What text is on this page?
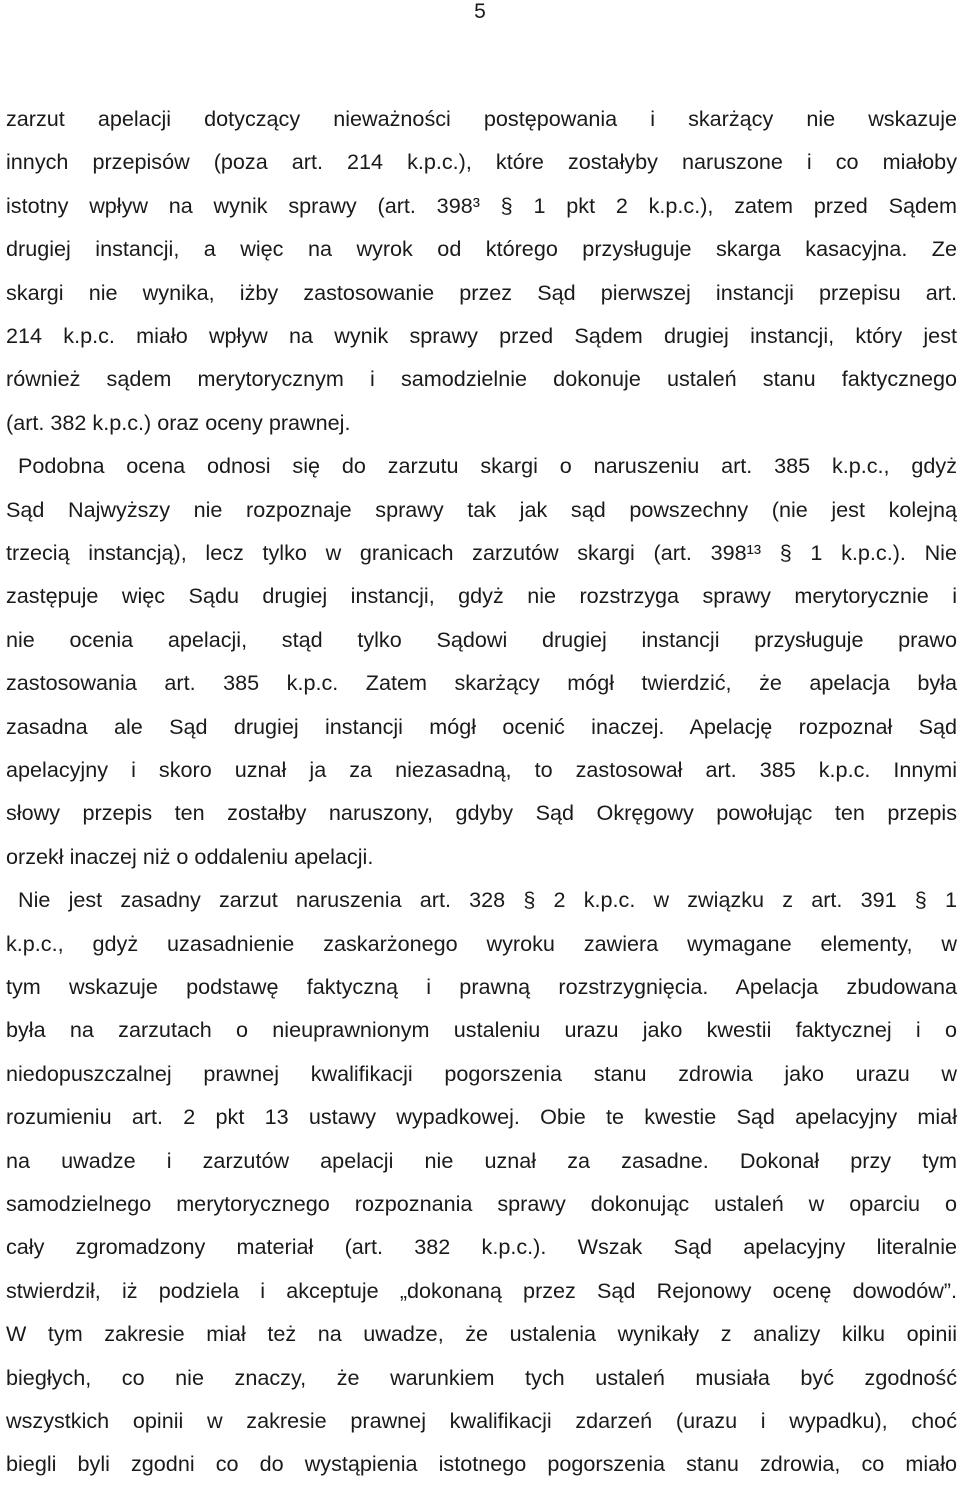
5
zarzut apelacji dotyczący nieważności postępowania i skarżący nie wskazuje
innych przepisów (poza art. 214 k.p.c.), które zostałyby naruszone i co miałoby
istotny wpływ na wynik sprawy (art. 398³ § 1 pkt 2 k.p.c.), zatem przed Sądem
drugiej instancji, a więc na wyrok od którego przysługuje skarga kasacyjna. Ze
skargi nie wynika, iżby zastosowanie przez Sąd pierwszej instancji przepisu art.
214 k.p.c. miało wpływ na wynik sprawy przed Sądem drugiej instancji, który jest
również sądem merytorycznym i samodzielnie dokonuje ustaleń stanu faktycznego
(art. 382 k.p.c.) oraz oceny prawnej.
Podobna ocena odnosi się do zarzutu skargi o naruszeniu art. 385 k.p.c., gdyż
Sąd Najwyższy nie rozpoznaje sprawy tak jak sąd powszechny (nie jest kolejną
trzecią instancją), lecz tylko w granicach zarzutów skargi (art. 398¹³ § 1 k.p.c.). Nie
zastępuje więc Sądu drugiej instancji, gdyż nie rozstrzyga sprawy merytorycznie i
nie ocenia apelacji, stąd tylko Sądowi drugiej instancji przysługuje prawo
zastosowania art. 385 k.p.c. Zatem skarżący mógł twierdzić, że apelacja była
zasadna ale Sąd drugiej instancji mógł ocenić inaczej. Apelację rozpoznał Sąd
apelacyjny i skoro uznał ja za niezasadną, to zastosował art. 385 k.p.c. Innymi
słowy przepis ten zostałby naruszony, gdyby Sąd Okręgowy powołując ten przepis
orzekł inaczej niż o oddaleniu apelacji.
Nie jest zasadny zarzut naruszenia art. 328 § 2 k.p.c. w związku z art. 391 § 1
k.p.c., gdyż uzasadnienie zaskarżonego wyroku zawiera wymagane elementy, w
tym wskazuje podstawę faktyczną i prawną rozstrzygnięcia. Apelacja zbudowana
była na zarzutach o nieuprawnionym ustaleniu urazu jako kwestii faktycznej i o
niedopuszczalnej prawnej kwalifikacji pogorszenia stanu zdrowia jako urazu w
rozumieniu art. 2 pkt 13 ustawy wypadkowej. Obie te kwestie Sąd apelacyjny miał
na uwadze i zarzutów apelacji nie uznał za zasadne. Dokonał przy tym
samodzielnego merytorycznego rozpoznania sprawy dokonując ustaleń w oparciu o
cały zgromadzony materiał (art. 382 k.p.c.). Wszak Sąd apelacyjny literalnie
stwierdził, iż podziela i akceptuje „dokonaną przez Sąd Rejonowy ocenę dowodów”.
W tym zakresie miał też na uwadze, że ustalenia wynikały z analizy kilku opinii
biegłych, co nie znaczy, że warunkiem tych ustaleń musiała być zgodność
wszystkich opinii w zakresie prawnej kwalifikacji zdarzeń (urazu i wypadku), choć
biegli byli zgodni co do wystąpienia istotnego pogorszenia stanu zdrowia, co miało
